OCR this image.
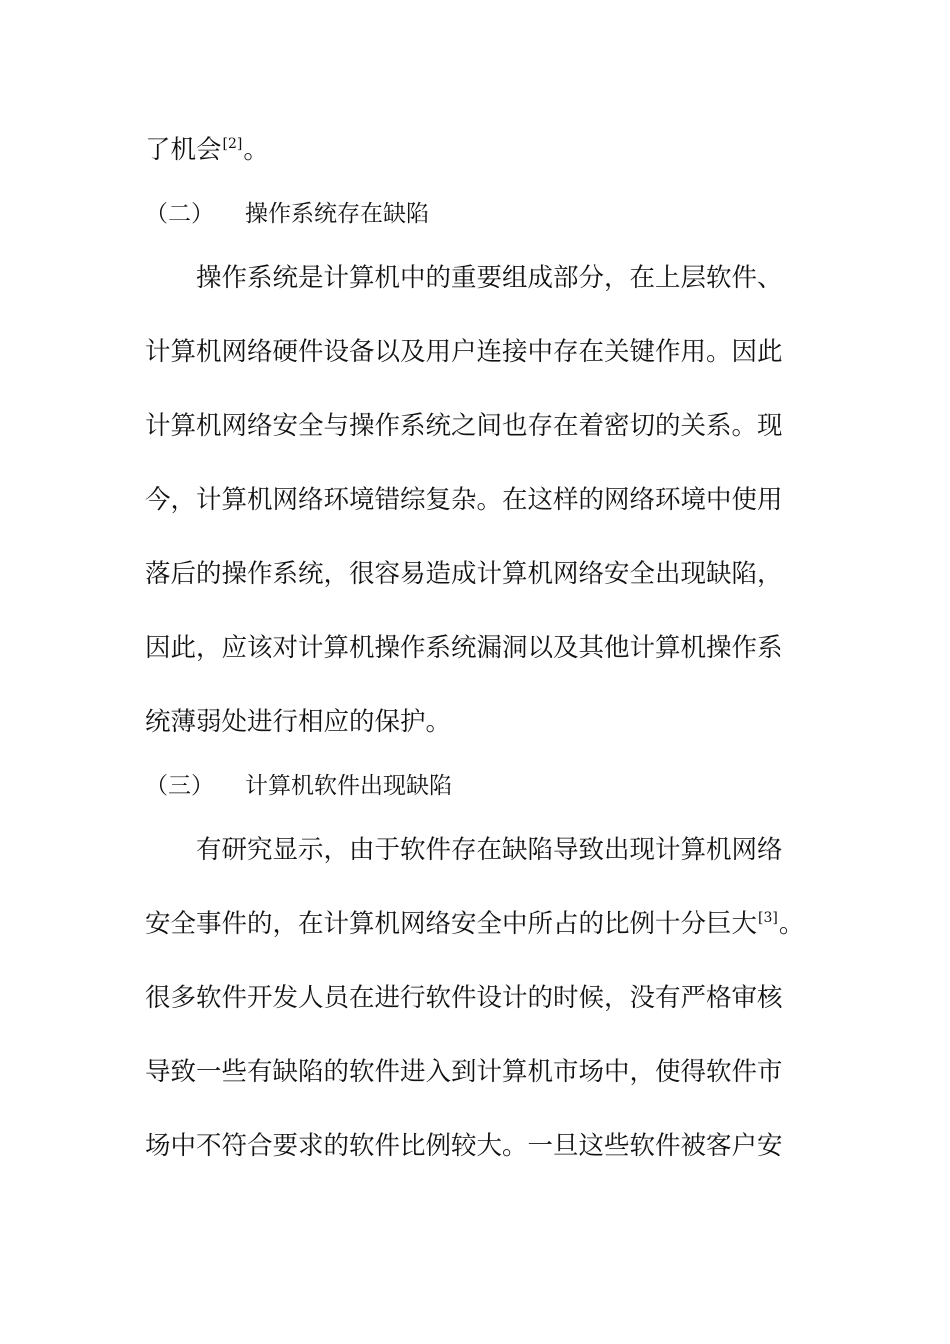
了机会[2]。
（二） 操作系统存在缺陷
操作系统是计算机中的重要组成部分，在上层软件、
计算机网络硬件设备以及用户连接中存在关键作用。因此
计算机网络安全与操作系统之间也存在着密切的关系。现
今，计算机网络环境错综复杂。在这样的网络环境中使用
落后的操作系统，很容易造成计算机网络安全出现缺陷，
因此，应该对计算机操作系统漏洞以及其他计算机操作系
统薄弱处进行相应的保护。
（三） 计算机软件出现缺陷
有研究显示，由于软件存在缺陷导致出现计算机网络
安全事件的，在计算机网络安全中所占的比例十分巨大[3]。
很多软件开发人员在进行软件设计的时候，没有严格审核
导致一些有缺陷的软件进入到计算机市场中，使得软件市
场中不符合要求的软件比例较大。一旦这些软件被客户安
